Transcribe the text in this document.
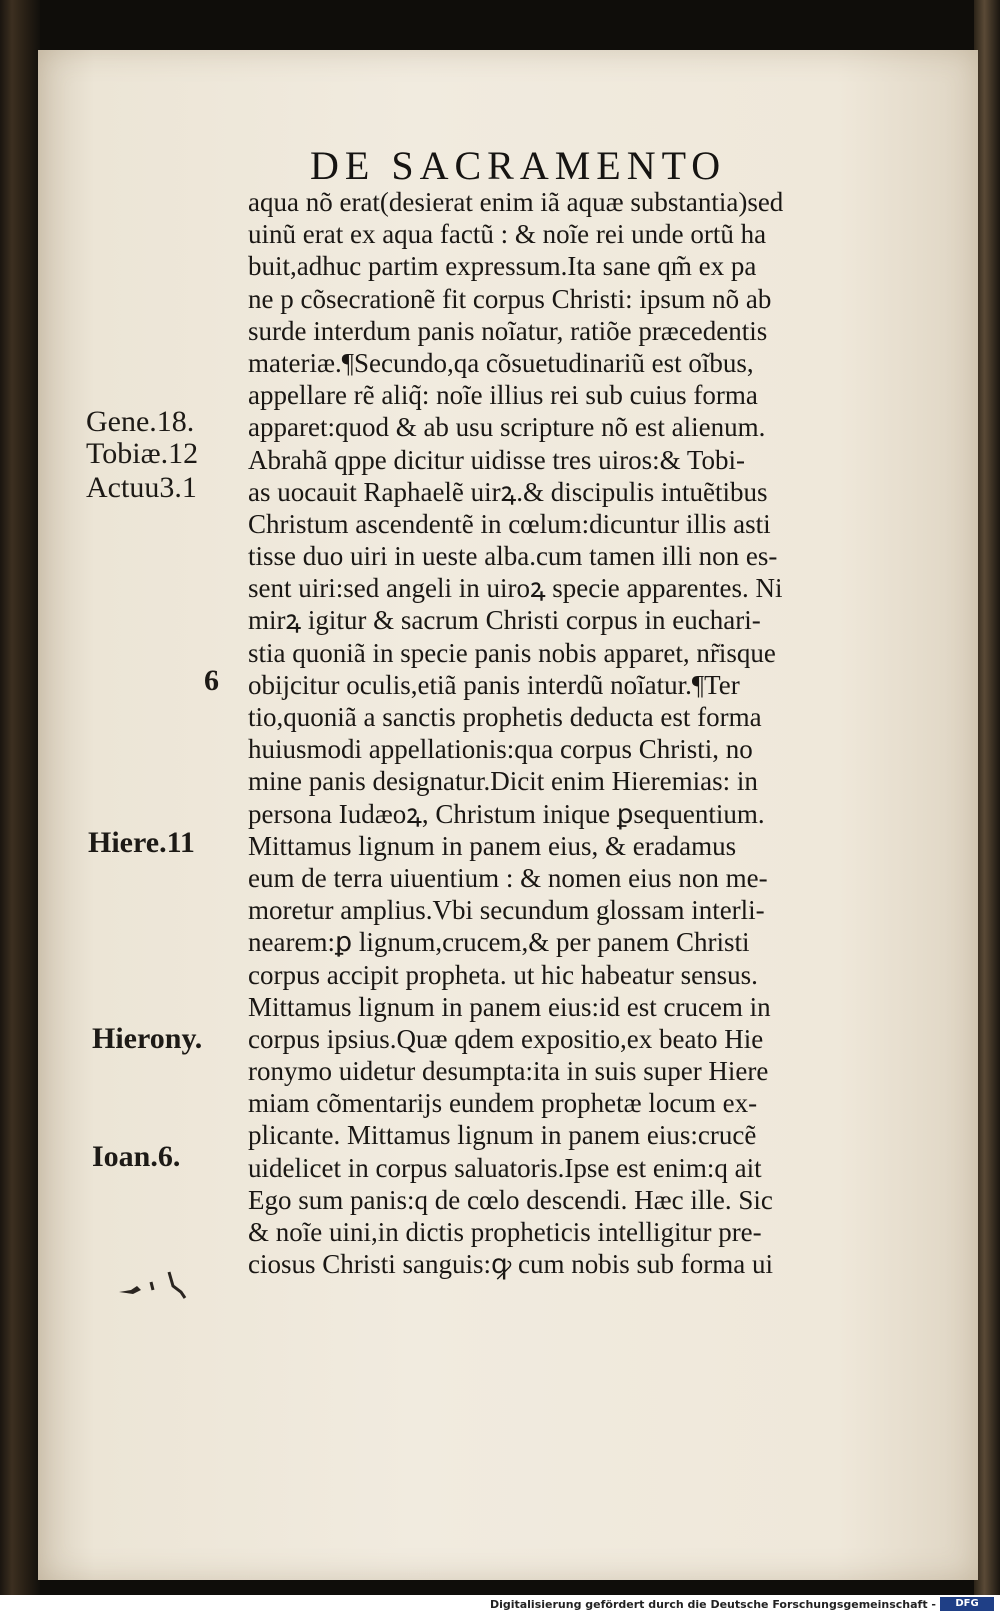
DE SACRAMENTO
aqua nõ erat(desierat enim iã aquæ substantia)sed
uinũ erat ex aqua factũ : & noĩe rei unde ortũ ha
buit,adhuc partim expressum.Ita sane qm̃ ex pa
ne p cõsecrationẽ fit corpus Christi: ipsum nõ ab
surde interdum panis noĩatur, ratiõe præcedentis
materiæ.¶Secundo,qa cõsuetudinariũ est oĩbus,
appellare rẽ aliq̃: noĩe illius rei sub cuius forma
apparet:quod & ab usu scripture nõ est alienum.
Abrahã qppe dicitur uidisse tres uiros:& Tobi-
as uocauit Raphaelẽ uirꝝ.& discipulis intuẽtibus
Christum ascendentẽ in cœlum:dicuntur illis asti
tisse duo uiri in ueste alba.cum tamen illi non es-
sent uiri:sed angeli in uiroꝝ specie apparentes. Ni
mirꝝ igitur & sacrum Christi corpus in euchari-
stia quoniã in specie panis nobis apparet, nr̃isque
obijcitur oculis,etiã panis interdũ noĩatur.¶Ter
tio,quoniã a sanctis prophetis deducta est forma
huiusmodi appellationis:qua corpus Christi, no
mine panis designatur.Dicit enim Hieremias: in
persona Iudæoꝝ, Christum inique ꝑsequentium.
Mittamus lignum in panem eius, & eradamus
eum de terra uiuentium : & nomen eius non me-
moretur amplius.Vbi secundum glossam interli-
nearem:ꝑ lignum,crucem,& per panem Christi
corpus accipit propheta. ut hic habeatur sensus.
Mittamus lignum in panem eius:id est crucem in
corpus ipsius.Quæ qdem expositio,ex beato Hie
ronymo uidetur desumpta:ita in suis super Hiere
miam cõmentarijs eundem prophetæ locum ex-
plicante. Mittamus lignum in panem eius:crucẽ
uidelicet in corpus saluatoris.Ipse est enim:q ait
Ego sum panis:q de cœlo descendi. Hæc ille. Sic
& noĩe uini,in dictis propheticis intelligitur pre-
ciosus Christi sanguis:ꝙ cum nobis sub forma ui
Gene.18.
Tobiæ.12
Actuu3.1
6
Hiere.11
Hierony.
Ioan.6.
Digitalisierung gefördert durch die Deutsche Forschungsgemeinschaft -	DFG
